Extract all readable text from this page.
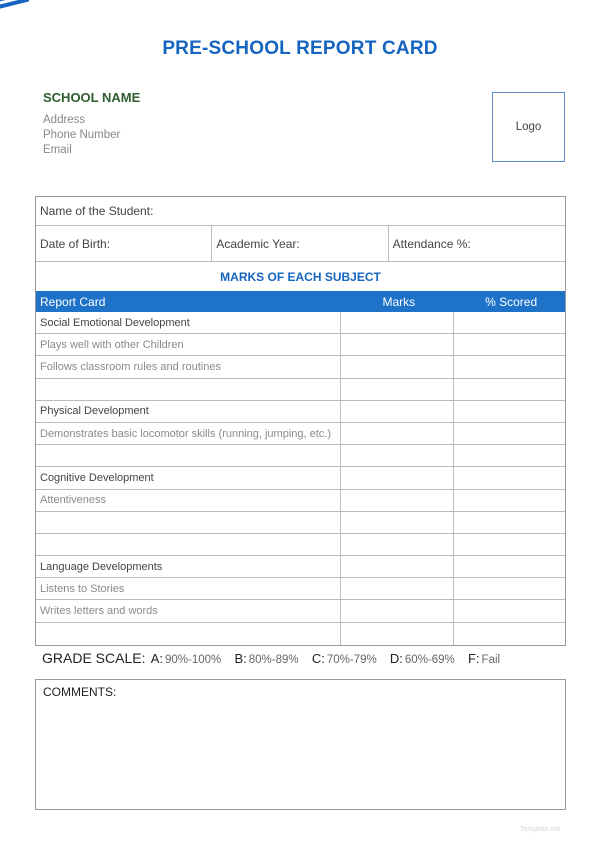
PRE-SCHOOL REPORT CARD
SCHOOL NAME
Address
Phone Number
Email
Logo
Name of the Student:
Date of Birth:	Academic Year:	Attendance %:
MARKS OF EACH SUBJECT
Report Card	Marks	% Scored
Social Emotional Development
Plays well with other Children
Follows classroom rules and routines
Physical Development
Demonstrates basic locomotor skills (running, jumping, etc.)
Cognitive Development
Attentiveness
Language Developments
Listens to Stories
Writes letters and words
GRADE SCALE: A: 90%-100% B: 80%-89% C: 70%-79% D: 60%-69% F: Fail
COMMENTS:
Template.net
